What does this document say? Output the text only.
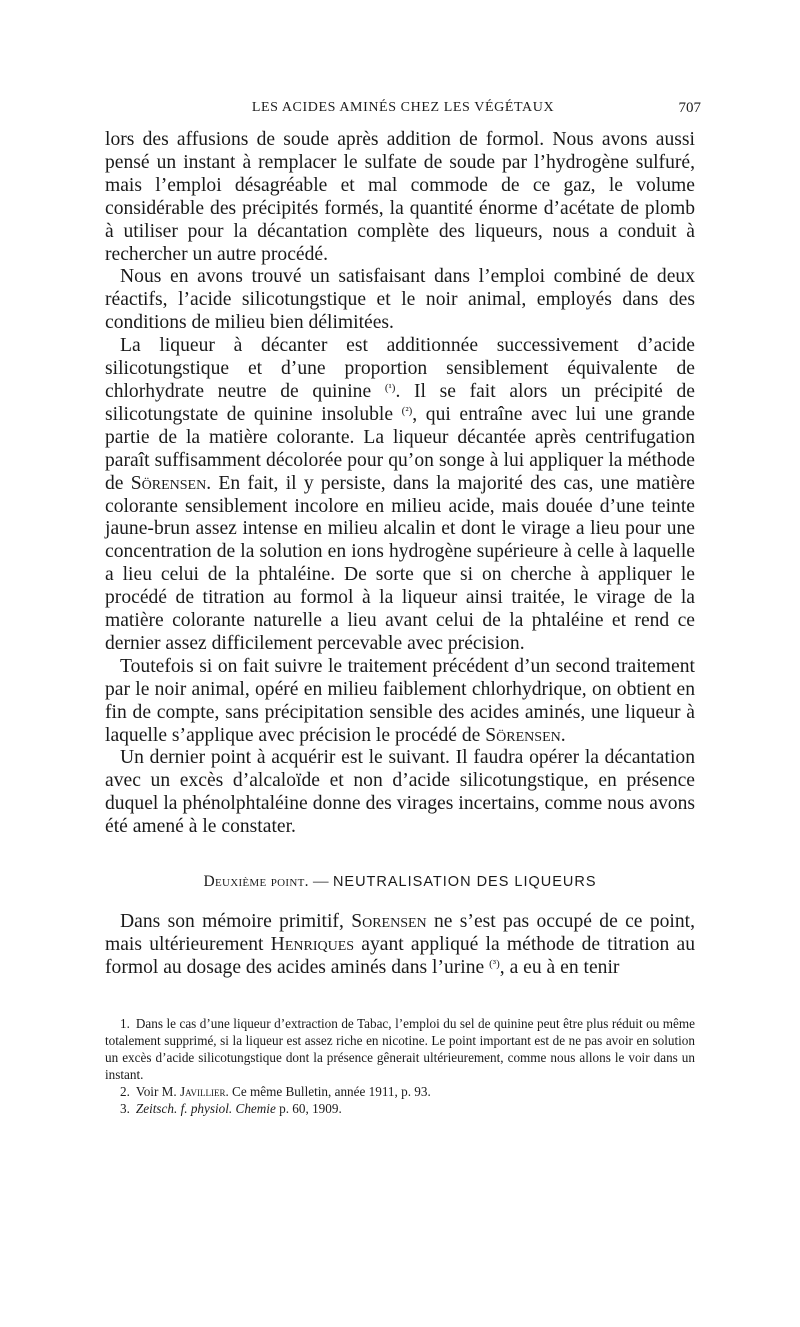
LES ACIDES AMINÉS CHEZ LES VÉGÉTAUX	707

lors des affusions de soude après addition de formol. Nous avons aussi pensé un instant à remplacer le sulfate de soude par l’hydrogène sulfuré, mais l’emploi désagréable et mal commode de ce gaz, le volume considérable des précipités formés, la quantité énorme d’acétate de plomb à utiliser pour la décantation complète des liqueurs, nous a conduit à rechercher un autre procédé.

Nous en avons trouvé un satisfaisant dans l’emploi combiné de deux réactifs, l’acide silicotungstique et le noir animal, employés dans des conditions de milieu bien délimitées.

La liqueur à décanter est additionnée successivement d’acide silicotungstique et d’une proportion sensiblement équivalente de chlorhydrate neutre de quinine $^{(^1)}$. Il se fait alors un précipité de silicotungstate de quinine insoluble $^{(^2)}$, qui entraîne avec lui une grande partie de la matière colorante. La liqueur décantée après centrifugation paraît suffisamment décolorée pour qu’on songe à lui appliquer la méthode de Sörensen. En fait, il y persiste, dans la majorité des cas, une matière colorante sensiblement incolore en milieu acide, mais douée d’une teinte jaune-brun assez intense en milieu alcalin et dont le virage a lieu pour une concentration de la solution en ions hydrogène supérieure à celle à laquelle a lieu celui de la phtaléine. De sorte que si on cherche à appliquer le procédé de titration au formol à la liqueur ainsi traitée, le virage de la matière colorante naturelle a lieu avant celui de la phtaléine et rend ce dernier assez difficilement percevable avec précision.

Toutefois si on fait suivre le traitement précédent d’un second traitement par le noir animal, opéré en milieu faiblement chlorhydrique, on obtient en fin de compte, sans précipitation sensible des acides aminés, une liqueur à laquelle s’applique avec précision le procédé de Sörensen.

Un dernier point à acquérir est le suivant. Il faudra opérer la décantation avec un excès d’alcaloïde et non d’acide silicotungstique, en présence duquel la phénolphtaléine donne des virages incertains, comme nous avons été amené à le constater.

Deuxième point. — NEUTRALISATION DES LIQUEURS

Dans son mémoire primitif, Sorensen ne s’est pas occupé de ce point, mais ultérieurement Henriques ayant appliqué la méthode de titration au formol au dosage des acides aminés dans l’urine $^{(^3)}$, a eu à en tenir

1. Dans le cas d’une liqueur d’extraction de Tabac, l’emploi du sel de quinine peut être plus réduit ou même totalement supprimé, si la liqueur est assez riche en nicotine. Le point important est de ne pas avoir en solution un excès d’acide silicotungstique dont la présence gênerait ultérieurement, comme nous allons le voir dans un instant.

2. Voir M. Javillier. Ce même Bulletin, année 1911, p. 93.

3. Zeitsch. f. physiol. Chemie p. 60, 1909.
